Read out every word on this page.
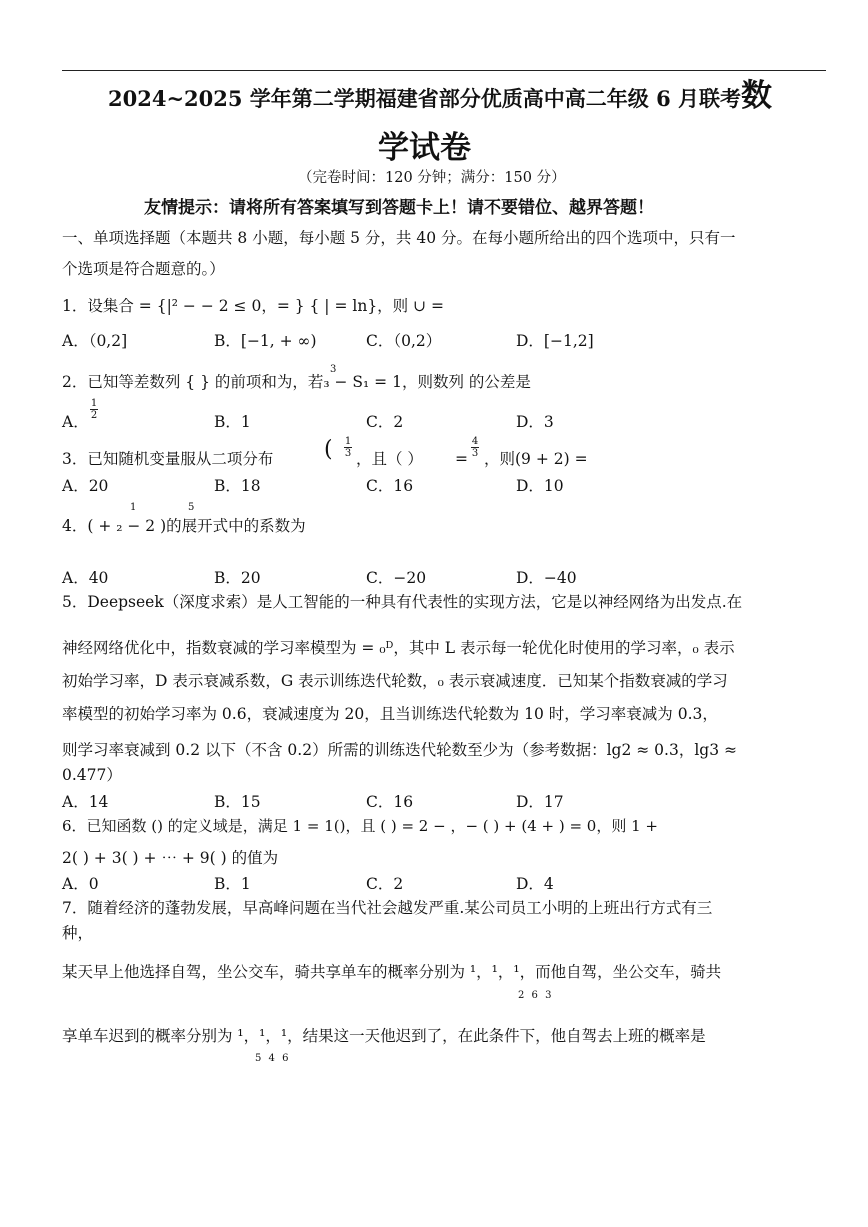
2024~2025 学年第二学期福建省部分优质高中高二年级 6 月联考数
学试卷
（完卷时间：120 分钟；满分：150 分）
友情提示：请将所有答案填写到答题卡上！请不要错位、越界答题！
一、单项选择题（本题共 8 小题，每小题 5 分，共 40 分。在每小题所给出的四个选项中，只有一
个选项是符合题意的。）
1．设集合 = {|² − − 2 ≤ 0，= } { | = ln}，则 ∪ =
A．（0,2]	B．[−1, + ∞)	C．（0,2）	D．[−1,2]
2．已知等差数列 { } 的前项和为，若₃ − S₁ = 1，则数列 的公差是
3
A．
1
2	B．1	C．2	D．3
3．已知随机变量服从二项分布 ( 1
3 ，且（ ） =
4
3 ，则(9 + 2) =
A．20	B．18	C．16	D．10
1	5
4．( + ₂ − 2 )的展开式中的系数为
A．40	B．20	C．−20	D．−40
5．Deepseek（深度求索）是人工智能的一种具有代表性的实现方法，它是以神经网络为出发点.在
神经网络优化中，指数衰减的学习率模型为 = ₀ᴰ，其中 L 表示每一轮优化时使用的学习率，₀ 表示
初始学习率，D 表示衰减系数，G 表示训练迭代轮数，₀ 表示衰减速度．已知某个指数衰减的学习
率模型的初始学习率为 0.6，衰减速度为 20，且当训练迭代轮数为 10 时，学习率衰减为 0.3，
则学习率衰减到 0.2 以下（不含 0.2）所需的训练迭代轮数至少为（参考数据：lg2 ≈ 0.3，lg3 ≈
0.477）
A．14	B．15	C．16	D．17
6．已知函数 () 的定义域是，满足 1 = 1()，且 ( ) = 2 − ，− ( ) + (4 + ) = 0，则 1 +
2( ) + 3( ) + ⋯ + 9( ) 的值为
A．0	B．1	C．2	D．4
7．随着经济的蓬勃发展，早高峰问题在当代社会越发严重.某公司员工小明的上班出行方式有三
种，
某天早上他选择自驾，坐公交车，骑共享单车的概率分别为 ¹，¹，¹，而他自驾，坐公交车，骑共
2 6 3
享单车迟到的概率分别为 ¹，¹，¹，结果这一天他迟到了，在此条件下，他自驾去上班的概率是
5 4 6
